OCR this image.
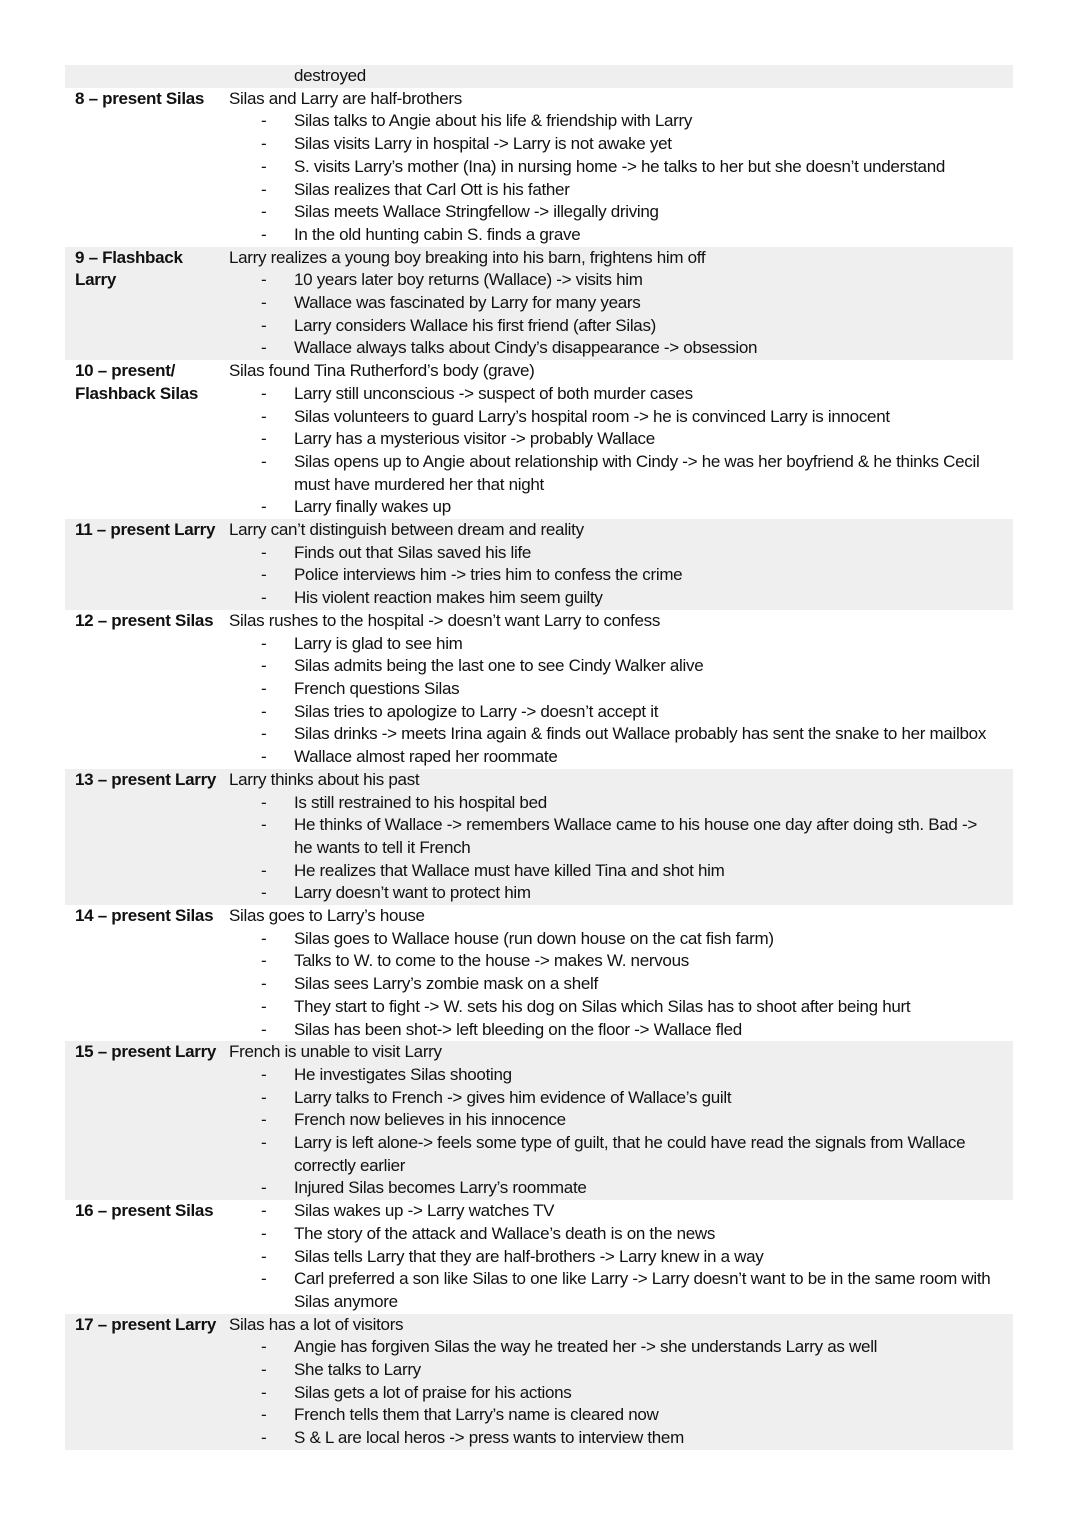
destroyed
8 – present Silas	Silas and Larry are half-brothers
- Silas talks to Angie about his life & friendship with Larry
- Silas visits Larry in hospital -> Larry is not awake yet
- S. visits Larry’s mother (Ina) in nursing home -> he talks to her but she doesn’t understand
- Silas realizes that Carl Ott is his father
- Silas meets Wallace Stringfellow -> illegally driving
- In the old hunting cabin S. finds a grave
9 – Flashback
Larry
Larry realizes a young boy breaking into his barn, frightens him off
- 10 years later boy returns (Wallace) -> visits him
- Wallace was fascinated by Larry for many years
- Larry considers Wallace his first friend (after Silas)
- Wallace always talks about Cindy’s disappearance -> obsession
10 – present/
Flashback Silas
Silas found Tina Rutherford’s body (grave)
- Larry still unconscious -> suspect of both murder cases
- Silas volunteers to guard Larry’s hospital room -> he is convinced Larry is innocent
- Larry has a mysterious visitor -> probably Wallace
- Silas opens up to Angie about relationship with Cindy -> he was her boyfriend & he thinks Cecil must have murdered her that night
- Larry finally wakes up
11 – present Larry Larry can’t distinguish between dream and reality
- Finds out that Silas saved his life
- Police interviews him -> tries him to confess the crime
- His violent reaction makes him seem guilty
12 – present Silas Silas rushes to the hospital -> doesn’t want Larry to confess
- Larry is glad to see him
- Silas admits being the last one to see Cindy Walker alive
- French questions Silas
- Silas tries to apologize to Larry -> doesn’t accept it
- Silas drinks -> meets Irina again & finds out Wallace probably has sent the snake to her mailbox
- Wallace almost raped her roommate
13 – present Larry Larry thinks about his past
- Is still restrained to his hospital bed
- He thinks of Wallace -> remembers Wallace came to his house one day after doing sth. Bad -> he wants to tell it French
- He realizes that Wallace must have killed Tina and shot him
- Larry doesn’t want to protect him
14 – present Silas Silas goes to Larry’s house
- Silas goes to Wallace house (run down house on the cat fish farm)
- Talks to W. to come to the house -> makes W. nervous
- Silas sees Larry’s zombie mask on a shelf
- They start to fight -> W. sets his dog on Silas which Silas has to shoot after being hurt
- Silas has been shot-> left bleeding on the floor -> Wallace fled
15 – present Larry French is unable to visit Larry
- He investigates Silas shooting
- Larry talks to French -> gives him evidence of Wallace’s guilt
- French now believes in his innocence
- Larry is left alone-> feels some type of guilt, that he could have read the signals from Wallace correctly earlier
- Injured Silas becomes Larry’s roommate
16 – present Silas
-	Silas wakes up -> Larry watches TV
- The story of the attack and Wallace’s death is on the news
- Silas tells Larry that they are half-brothers -> Larry knew in a way
- Carl preferred a son like Silas to one like Larry -> Larry doesn’t want to be in the same room with Silas anymore
17 – present Larry Silas has a lot of visitors
- Angie has forgiven Silas the way he treated her -> she understands Larry as well
- She talks to Larry
- Silas gets a lot of praise for his actions
- French tells them that Larry’s name is cleared now
- S & L are local heros -> press wants to interview them
